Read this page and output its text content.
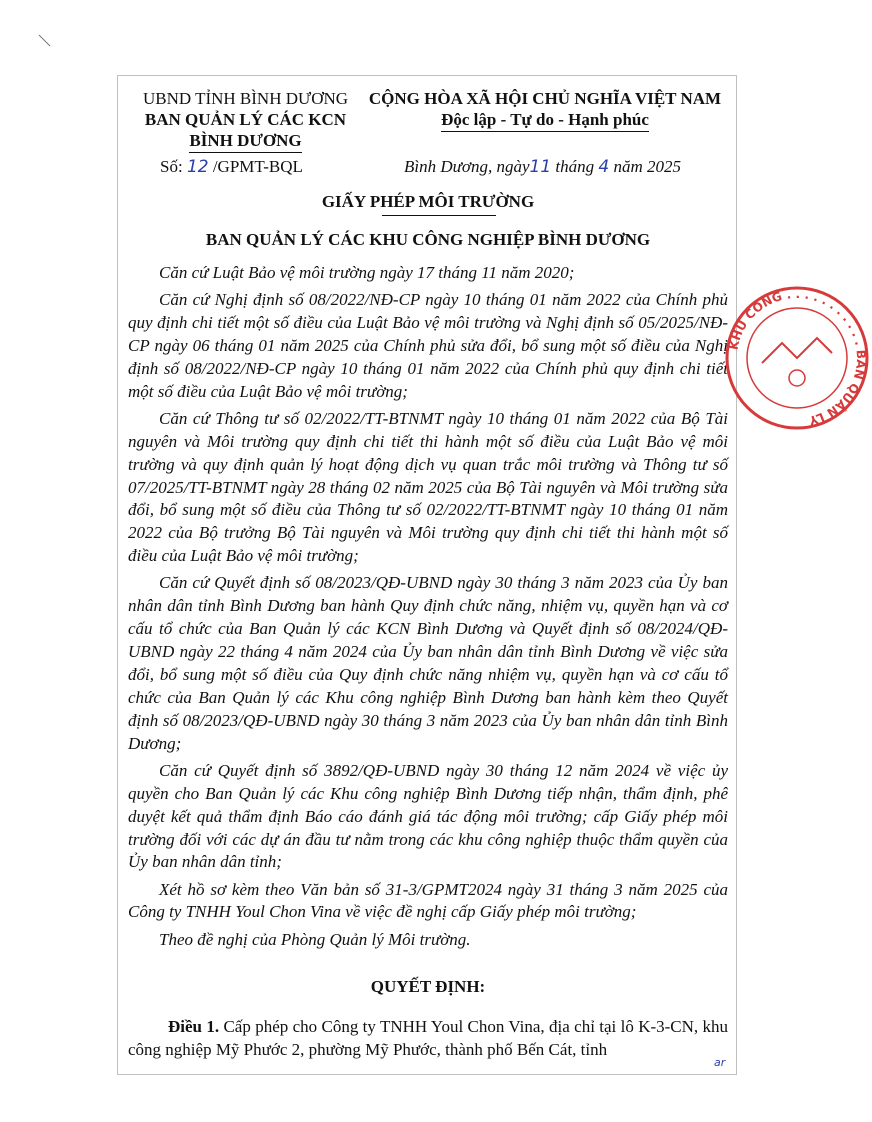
UBND TỈNH BÌNH DƯƠNG
BAN QUẢN LÝ CÁC KCN
BÌNH DƯƠNG
CỘNG HÒA XÃ HỘI CHỦ NGHĨA VIỆT NAM
Độc lập - Tự do - Hạnh phúc
Số: 12 /GPMT-BQL	Bình Dương, ngày11 tháng 4 năm 2025
GIẤY PHÉP MÔI TRƯỜNG
BAN QUẢN LÝ CÁC KHU CÔNG NGHIỆP BÌNH DƯƠNG

Căn cứ Luật Bảo vệ môi trường ngày 17 tháng 11 năm 2020;

Căn cứ Nghị định số 08/2022/NĐ-CP ngày 10 tháng 01 năm 2022 của Chính phủ quy định chi tiết một số điều của Luật Bảo vệ môi trường và Nghị định số 05/2025/NĐ-CP ngày 06 tháng 01 năm 2025 của Chính phủ sửa đổi, bổ sung một số điều của Nghị định số 08/2022/NĐ-CP ngày 10 tháng 01 năm 2022 của Chính phủ quy định chi tiết một số điều của Luật Bảo vệ môi trường;

Căn cứ Thông tư số 02/2022/TT-BTNMT ngày 10 tháng 01 năm 2022 của Bộ Tài nguyên và Môi trường quy định chi tiết thi hành một số điều của Luật Bảo vệ môi trường và quy định quản lý hoạt động dịch vụ quan trắc môi trường và Thông tư số 07/2025/TT-BTNMT ngày 28 tháng 02 năm 2025 của Bộ Tài nguyên và Môi trường sửa đổi, bổ sung một số điều của Thông tư số 02/2022/TT-BTNMT ngày 10 tháng 01 năm 2022 của Bộ trưởng Bộ Tài nguyên và Môi trường quy định chi tiết thi hành một số điều của Luật Bảo vệ môi trường;

Căn cứ Quyết định số 08/2023/QĐ-UBND ngày 30 tháng 3 năm 2023 của Ủy ban nhân dân tỉnh Bình Dương ban hành Quy định chức năng, nhiệm vụ, quyền hạn và cơ cấu tổ chức của Ban Quản lý các KCN Bình Dương và Quyết định số 08/2024/QĐ-UBND ngày 22 tháng 4 năm 2024 của Ủy ban nhân dân tỉnh Bình Dương về việc sửa đổi, bổ sung một số điều của Quy định chức năng nhiệm vụ, quyền hạn và cơ cấu tổ chức của Ban Quản lý các Khu công nghiệp Bình Dương ban hành kèm theo Quyết định số 08/2023/QĐ-UBND ngày 30 tháng 3 năm 2023 của Ủy ban nhân dân tỉnh Bình Dương;

Căn cứ Quyết định số 3892/QĐ-UBND ngày 30 tháng 12 năm 2024 về việc ủy quyền cho Ban Quản lý các Khu công nghiệp Bình Dương tiếp nhận, thẩm định, phê duyệt kết quả thẩm định Báo cáo đánh giá tác động môi trường; cấp Giấy phép môi trường đối với các dự án đầu tư nằm trong các khu công nghiệp thuộc thẩm quyền của Ủy ban nhân dân tỉnh;

Xét hồ sơ kèm theo Văn bản số 31-3/GPMT2024 ngày 31 tháng 3 năm 2025 của Công ty TNHH Youl Chon Vina về việc đề nghị cấp Giấy phép môi trường;

Theo đề nghị của Phòng Quản lý Môi trường.

QUYẾT ĐỊNH:

Điều 1. Cấp phép cho Công ty TNHH Youl Chon Vina, địa chỉ tại lô K-3-CN, khu công nghiệp Mỹ Phước 2, phường Mỹ Phước, thành phố Bến Cát, tỉnh

ar
KHU CÔNG . . . . . . . . . . . BAN QUẢN LÝ
